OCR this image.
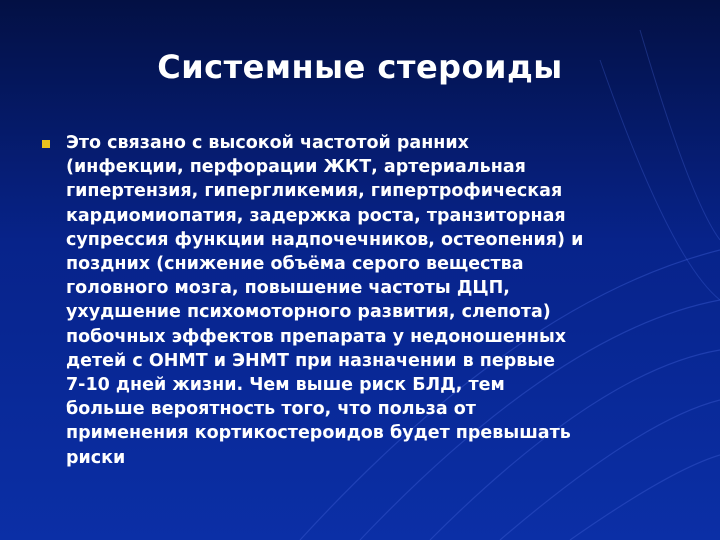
Системные стероиды
Это связано с высокой частотой ранних
(инфекции, перфорации ЖКТ, артериальная
гипертензия, гипергликемия, гипертрофическая
кардиомиопатия, задержка роста, транзиторная
супрессия функции надпочечников, остеопения) и
поздних (снижение объёма серого вещества
головного мозга, повышение частоты ДЦП,
ухудшение психомоторного развития, слепота)
побочных эффектов препарата у недоношенных
детей с ОНМТ и ЭНМТ при назначении в первые
7-10 дней жизни. Чем выше риск БЛД, тем
больше вероятность того, что польза от
применения кортикостероидов будет превышать
риски
